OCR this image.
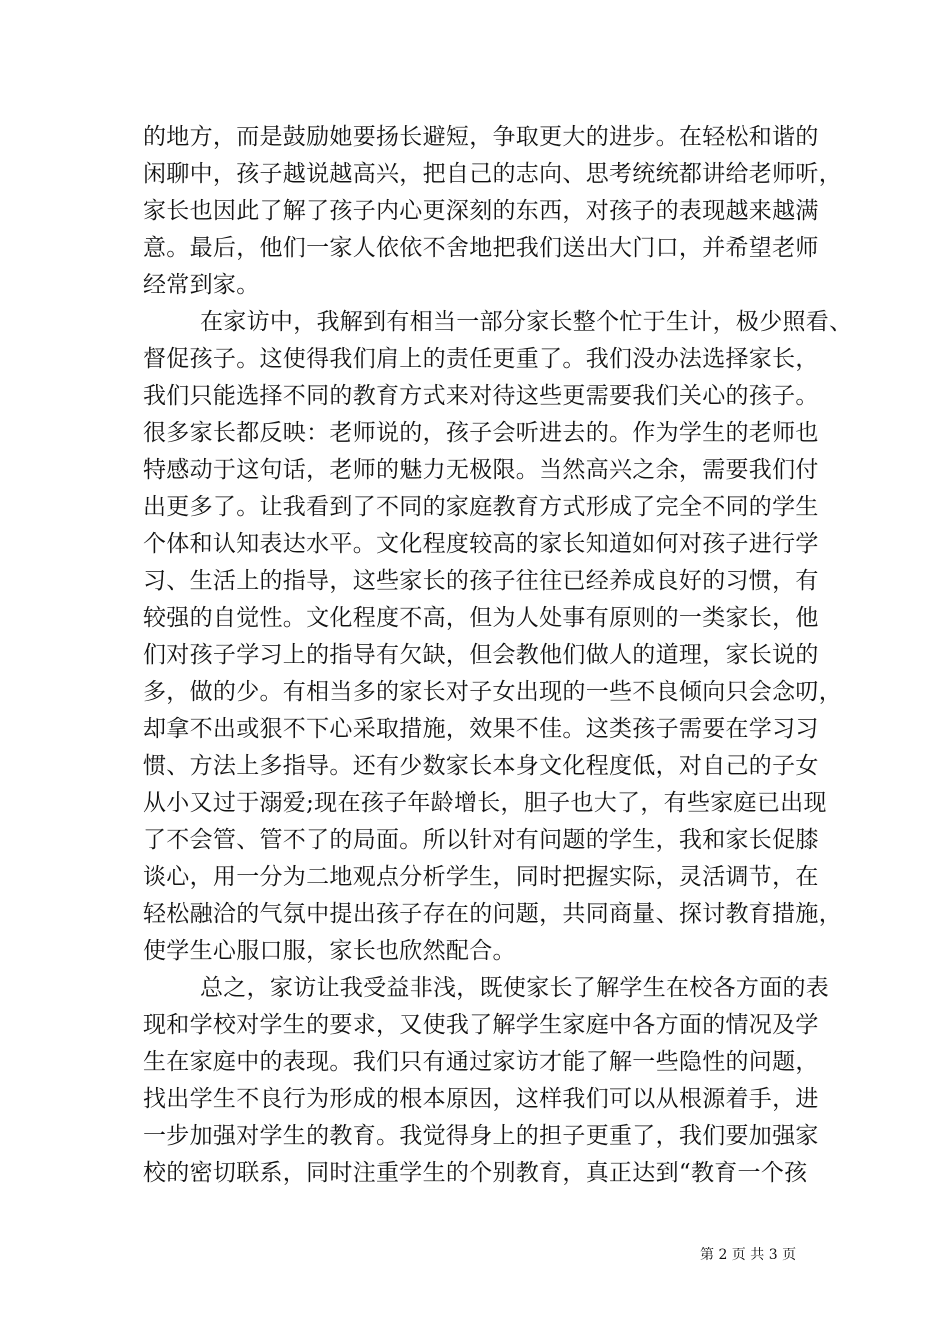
的地方，而是鼓励她要扬长避短，争取更大的进步。在轻松和谐的
闲聊中，孩子越说越高兴，把自己的志向、思考统统都讲给老师听，
家长也因此了解了孩子内心更深刻的东西，对孩子的表现越来越满
意。最后，他们一家人依依不舍地把我们送出大门口，并希望老师
经常到家。
在家访中，我解到有相当一部分家长整个忙于生计，极少照看、
督促孩子。这使得我们肩上的责任更重了。我们没办法选择家长，
我们只能选择不同的教育方式来对待这些更需要我们关心的孩子。
很多家长都反映：老师说的，孩子会听进去的。作为学生的老师也
特感动于这句话，老师的魅力无极限。当然高兴之余，需要我们付
出更多了。让我看到了不同的家庭教育方式形成了完全不同的学生
个体和认知表达水平。文化程度较高的家长知道如何对孩子进行学
习、生活上的指导，这些家长的孩子往往已经养成良好的习惯，有
较强的自觉性。文化程度不高，但为人处事有原则的一类家长，他
们对孩子学习上的指导有欠缺，但会教他们做人的道理，家长说的
多，做的少。有相当多的家长对子女出现的一些不良倾向只会念叨，
却拿不出或狠不下心采取措施，效果不佳。这类孩子需要在学习习
惯、方法上多指导。还有少数家长本身文化程度低，对自己的子女
从小又过于溺爱;现在孩子年龄增长，胆子也大了，有些家庭已出现
了不会管、管不了的局面。所以针对有问题的学生，我和家长促膝
谈心，用一分为二地观点分析学生，同时把握实际，灵活调节，在
轻松融洽的气氛中提出孩子存在的问题，共同商量、探讨教育措施，
使学生心服口服，家长也欣然配合。
总之，家访让我受益非浅，既使家长了解学生在校各方面的表
现和学校对学生的要求，又使我了解学生家庭中各方面的情况及学
生在家庭中的表现。我们只有通过家访才能了解一些隐性的问题，
找出学生不良行为形成的根本原因，这样我们可以从根源着手，进
一步加强对学生的教育。我觉得身上的担子更重了，我们要加强家
校的密切联系，同时注重学生的个别教育，真正达到“教育一个孩
第 2 页 共 3 页
